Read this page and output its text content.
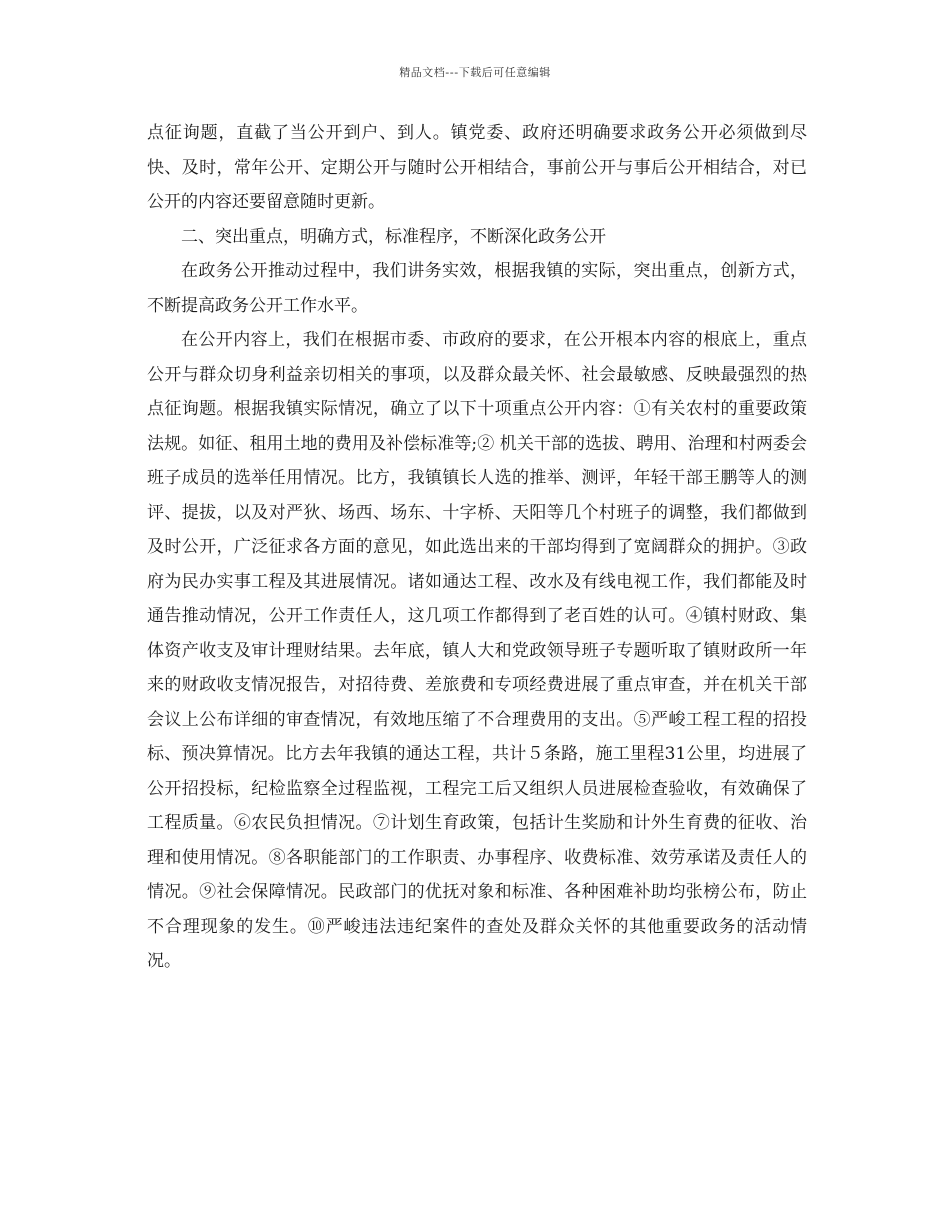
精品文档---下载后可任意编辑

点征询题，直截了当公开到户、到人。镇党委、政府还明确要求政务公开必须做到尽快、及时，常年公开、定期公开与随时公开相结合，事前公开与事后公开相结合，对已公开的内容还要留意随时更新。

二、突出重点，明确方式，标准程序，不断深化政务公开

在政务公开推动过程中，我们讲务实效，根据我镇的实际，突出重点，创新方式，不断提高政务公开工作水平。

在公开内容上，我们在根据市委、市政府的要求，在公开根本内容的根底上，重点公开与群众切身利益亲切相关的事项，以及群众最关怀、社会最敏感、反映最强烈的热点征询题。根据我镇实际情况，确立了以下十项重点公开内容：①有关农村的重要政策法规。如征、租用土地的费用及补偿标准等;② 机关干部的选拔、聘用、治理和村两委会班子成员的选举任用情况。比方，我镇镇长人选的推举、测评，年轻干部王鹏等人的测评、提拔，以及对严狄、场西、场东、十字桥、天阳等几个村班子的调整，我们都做到及时公开，广泛征求各方面的意见，如此选出来的干部均得到了宽阔群众的拥护。③政府为民办实事工程及其进展情况。诸如通达工程、改水及有线电视工作，我们都能及时通告推动情况，公开工作责任人，这几项工作都得到了老百姓的认可。④镇村财政、集体资产收支及审计理财结果。去年底，镇人大和党政领导班子专题听取了镇财政所一年来的财政收支情况报告，对招待费、差旅费和专项经费进展了重点审查，并在机关干部会议上公布详细的审查情况，有效地压缩了不合理费用的支出。⑤严峻工程工程的招投标、预决算情况。比方去年我镇的通达工程，共计５条路，施工里程31公里，均进展了公开招投标，纪检监察全过程监视，工程完工后又组织人员进展检查验收，有效确保了工程质量。⑥农民负担情况。⑦计划生育政策，包括计生奖励和计外生育费的征收、治理和使用情况。⑧各职能部门的工作职责、办事程序、收费标准、效劳承诺及责任人的情况。⑨社会保障情况。民政部门的优抚对象和标准、各种困难补助均张榜公布，防止不合理现象的发生。⑩严峻违法违纪案件的查处及群众关怀的其他重要政务的活动情况。
